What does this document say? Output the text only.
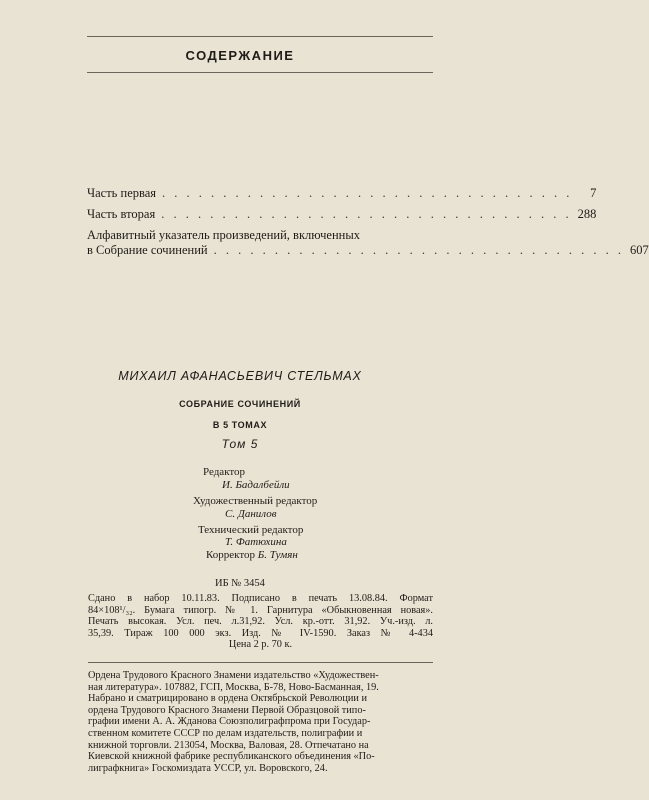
СОДЕРЖАНИЕ
Часть первая . . . . . . . . . . . . . . . . . . . . . . . . . . . . . . . . . .	7
Часть вторая . . . . . . . . . . . . . . . . . . . . . . . . . . . . . . . . . . 288
Алфавитный указатель произведений, включенных
в Собрание сочинений . . . . . . . . . . . . . . . . . . . . . . . . . . . . . . . . . . 607
МИХАИЛ АФАНАСЬЕВИЧ СТЕЛЬМАХ
СОБРАНИЕ СОЧИНЕНИЙ
В 5 ТОМАХ
Том 5
Редактор
И. Бадалбейли
Художественный редактор
С. Данилов
Технический редактор
Т. Фатюхина
Корректор Б. Тумян
ИБ № 3454
Сдано в набор 10.11.83. Подписано в печать 13.08.84. Формат
84×108¹/₃₂. Бумага типогр. № 1. Гарнитура «Обыкновенная новая».
Печать высокая. Усл. печ. л.31,92. Усл. кр.-отт. 31,92. Уч.-изд. л.
35,39. Тираж 100 000 экз. Изд. № IV-1590. Заказ № 4-434
Цена 2 р. 70 к.
Ордена Трудового Красного Знамени издательство «Художествен-
ная литература». 107882, ГСП, Москва, Б-78, Ново-Басманная, 19.
Набрано и сматрицировано в ордена Октябрьской Революции и
ордена Трудового Красного Знамени Первой Образцовой типо-
графии имени А. А. Жданова Союзполиграфпрома при Государ-
ственном комитете СССР по делам издательств, полиграфии и
книжной торговли. 213054, Москва, Валовая, 28. Отпечатано на
Киевской книжной фабрике республиканского объединения «По-
лиграфкнига» Госкомиздата УССР, ул. Воровского, 24.
